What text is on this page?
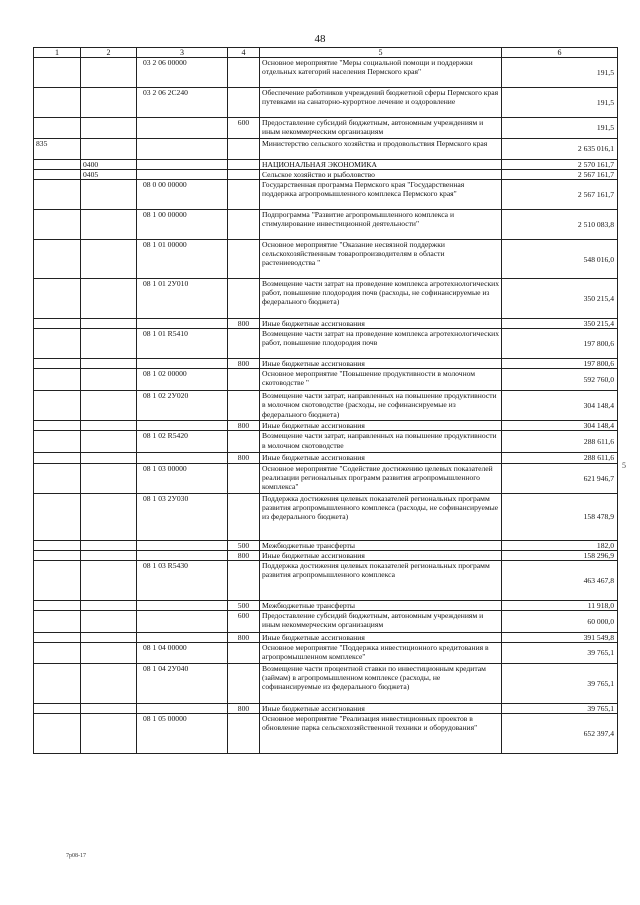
48
1	2	3	4	5	6
		03 2 06 00000		Основное мероприятие "Меры социальной помощи и поддержки отдельных категорий населения Пермского края"	191,5
		03 2 06 2С240		Обеспечение работников учреждений бюджетной сферы Пермского края путевками на санаторно-курортное лечение и оздоровление	191,5
			600	Предоставление субсидий бюджетным, автономным учреждениям и иным некоммерческим организациям	191,5
835				Министерство сельского хозяйства и продовольствия Пермского края	2 635 016,1
	0400			НАЦИОНАЛЬНАЯ ЭКОНОМИКА	2 570 161,7
	0405			Сельское хозяйство и рыболовство	2 567 161,7
		08 0 00 00000		Государственная программа Пермского края "Государственная поддержка агропромышленного комплекса Пермского края"	2 567 161,7
		08 1 00 00000		Подпрограмма "Развитие агропромышленного комплекса и стимулирование инвестиционной деятельности"	2 510 083,8
		08 1 01 00000		Основное мероприятие "Оказание несвязной поддержки сельскохозяйственным товаропроизводителям в области растениеводства "	548 016,0
		08 1 01 2У010		Возмещение части затрат на проведение комплекса агротехнологических работ, повышение плодородия почв (расходы, не софинансируемые из федерального бюджета)	350 215,4
			800	Иные бюджетные ассигнования	350 215,4
		08 1 01 R5410		Возмещение части затрат на проведение комплекса агротехнологических работ, повышение плодородия почв	197 800,6
			800	Иные бюджетные ассигнования	197 800,6
		08 1 02 00000		Основное мероприятие "Повышение продуктивности в молочном скотоводстве "	592 760,0
		08 1 02 2У020		Возмещение части затрат, направленных на повышение продуктивности в молочном скотоводстве (расходы, не софинансируемые из федерального бюджета)	304 148,4
			800	Иные бюджетные ассигнования	304 148,4
		08 1 02 R5420		Возмещение части затрат, направленных на повышение продуктивности в молочном скотоводстве	288 611,6
			800	Иные бюджетные ассигнования	288 611,6
		08 1 03 00000		Основное мероприятие "Содействие достижению целевых показателей реализации региональных программ развития агропромышленного комплекса"	621 946,7
		08 1 03 2У030		Поддержка достижения целевых показателей региональных программ развития агропромышленного комплекса (расходы, не софинансируемые из федерального бюджета)	158 478,9
			500	Межбюджетные трансферты	182,0
			800	Иные бюджетные ассигнования	158 296,9
		08 1 03 R5430		Поддержка достижения целевых показателей региональных программ развития агропромышленного комплекса	463 467,8
			500	Межбюджетные трансферты	11 918,0
			600	Предоставление субсидий бюджетным, автономным учреждениям и иным некоммерческим организациям	60 000,0
			800	Иные бюджетные ассигнования	391 549,8
		08 1 04 00000		Основное мероприятие "Поддержка инвестиционного кредитования в агропромышленном комплексе"	39 765,1
		08 1 04 2У040		Возмещение части процентной ставки по инвестиционным кредитам (займам) в агропромышленном комплексе (расходы, не софинансируемые из федерального бюджета)	39 765,1
			800	Иные бюджетные ассигнования	39 765,1
		08 1 05 00000		Основное мероприятие "Реализация инвестиционных проектов в обновление парка сельскохозяйственной техники и оборудования"	652 397,4
5
7р08-17
